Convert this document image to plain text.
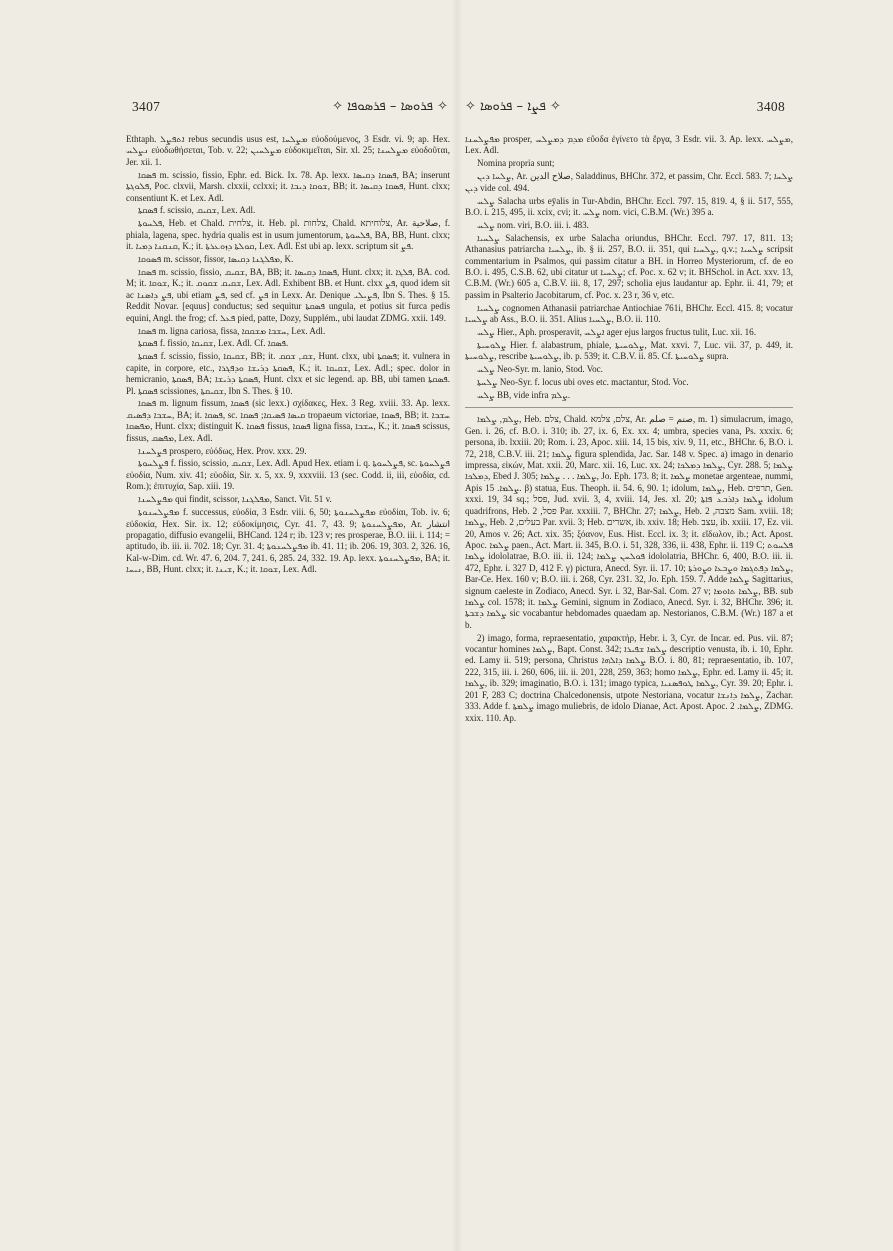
3407	✧ ܦܪܘܣܐ – ܦܪܣܘܦܐ ✧ ✧ ܦܨܐ – ܦܪܘܣܐ ✧	3408

Ethtaph. ܐܬܦܨܠ rebus secundis usus est, ܡܨܠܚܐ εὐοδούμενος, 3 Esdr. vi. 9; ap. Hex. ܢܨܠܚ εὐοδωθήσεται, Tob. v. 22; ܡܨܠܚܝܢ εὐδοκιμεῖται, Sir. xl. 25; ܡܨܠܚܢܐ εὐοδοῦται, Jer. xii. 1.

ܦܣܩܐ m. scissio, fissio, Ephr. ed. Bick. Ix. 78. Ap. lexx. ܦܣܩܐ ܕܩܝܣܐ, BA; inserunt ܦܠܘܓܬܐ, Poc. clxvii, Marsh. clxxii, cclxxi; it. ܫܘܩܐ ܕܝܒܐ, BB; it. ܦܣܩܐ ܕܩܝܣܐ, Hunt. clxx; consentiunt K. et Lex. Adl.

ܦܣܩܬܐ f. scissio, ܫܩܝܩ, Lex. Adl.

ܦܠܚܘܬܐ, Heb. et Chald. צלחית, it. Heb. pl. צלחות, Chald. צלוחיתא, Ar. صلاحية, f. phiala, lagena, spec. hydria qualis est in usum jumentorum, ܦܠܚܘܬܐ, BA, BB, Hunt. clxx; it. ܩܢܩܢܐ ܕܡܝܐ, K.; it. ܩܘܠܬܐ ܕܙܘܥܪܬܐ, Lex. Adl. Est ubi ap. lexx. scriptum sit ܦܨ.

ܦܣܘܩܐ m. scissor, fissor, ܡܦܠܓܢܐ ܕܩܝܣܐ, K.

ܦܣܩܐ m. scissio, fissio, ܫܩܝܩ, BA, BB; it. ܦܣܩܐ ܕܩܝܣܐ, Hunt. clxx; it. ܦܠܓܐ, BA. cod. M; it. ܫܘܩܐ, K.; it. ܫܩܝܩ ܫܩܘܩ, Lex. Adl. Exhibent BB. et Hunt. clxx ܦܨ, quod idem sit ac ܦܨ ܕܐܣܢܐ, ubi etiam ܦܨ, sed cf. ܦܨ in Lexx. Ar. Denique ܦܨܝܠܝ, Ibn S. Thes. § 15. Reddit Novar. [equus] conductus; sed sequitur ܦܣܩܬܐ ungula, et potius sit furca pedis equini, Angl. the frog; cf. ܦܥܠ pied, patte, Dozy, Supplém., ubi laudat ZDMG. xxii. 149.

ܦܣܩܐ m. ligna cariosa, fissa, ܚܫܒܐ ܡܫܩܩܐ, Lex. Adl.

ܦܣܩܬܐ f. fissio, ܫܩܝܩܐ, Lex. Adl. Cf. ܦܣܩܐ.

ܦܣܩܬܐ f. scissio, fissio, ܫܩܝܩܐ, BB; it. ܫܩ, ܫܩܩ, Hunt. clxx, ubi ܦܣܩܬܐ; it. vulnera in capite, in corpore, etc., ܦܣܩܬܐ ܕܪܝܫܐ ܘܕܦܓܪܐ, K.; it. ܫܩܝܩܐ, Lex. Adl.; spec. dolor in hemicranio, ܦܣܩܬܐ, BA; ܦܣܩܬܐ ܕܪܝܫܐ, Hunt. clxx et sic legend. ap. BB, ubi tamen ܦܣܩܬܐ. Pl. ܦܣܩܬܐ scissiones, ܫܩܝܩܬܐ, Ibn S. Thes. § 10.

ܦܣܩܐ m. lignum fissum, ܦܣܩܐ (sic lexx.) σχίδακες, Hex. 3 Reg. xviii. 33. Ap. lexx. ܚܫܒܐ ܕܦܣܝܩ, BA; it. ܦܣܩܐ, sc. ܩܝܣܐ ܦܣܝܩܐ; ܦܣܩܐ tropaeum victoriae, ܦܣܩܐ, BB; it. ܚܫܒܐ ܡܦܣܩܐ, Hunt. clxx; distinguit K. ܦܣܩܐ fissus, ܦܣܩܐ ligna fissa, ܚܫܒܐ, K.; it. ܦܣܩܐ scissus, fissus, ܡܦܣܩ, Lex. Adl.

ܦܨܠܚܢܐ prospero, εὐόδως, Hex. Prov. xxx. 29.

ܦܨܠܚܘܬܐ f. fissio, scissio, ܫܩܝܩ, Lex. Adl. Apud Hex. etiam i. q. ܦܨܠܚܘܬܐ, sc. ܦܨܠܚܘܬܐ εὐοδία, Num. xiv. 41; εὐοδία, Sir. x. 5, xx. 9, xxxviii. 13 (sec. Codd. ii, iii, εὐοδία, cd. Rom.); ἐπιτυχία, Sap. xiii. 19.

ܡܦܨܠܚܢܐ qui findit, scissor, ܡܦܠܓܢܐ, Sanct. Vit. 51 v.

ܡܦܨܠܚܢܘܬܐ f. successus, εὐοδία, 3 Esdr. viii. 6, 50; ܡܦܨܠܚܢܘܬܐ εὐοδίαι, Tob. iv. 6; εὐδοκία, Hex. Sir. ix. 12; εὐδοκίμησις, Cyr. 41. 7, 43. 9; ܡܦܨܠܚܢܘܬܐ, Ar. انتشار propagatio, diffusio evangelii, BHCand. 124 r; ib. 123 v; res prosperae, B.O. iii. i. 114; = aptitudo, ib. iii. ii. 702. 18; Cyr. 31. 4; ܡܦܨܠܚܢܘܬܐ ib. 41. 11; ib. 206. 19, 303. 2, 326. 16, Kal-w-Dim. cd. Wr. 47. 6, 204. 7, 241. 6, 285. 24, 332. 19. Ap. lexx. ܡܦܨܠܚܢܘܬܐ, BA; it. ܢܝܚܐ, BB, Hunt. clxx; it. ܫܝܢܐ, K.; it. ܫܘܩܐ, Lex. Adl.

ܡܦܨܠܚܢܐ prosper, ܡܕܡ ܕܡܨܠܚ εὔοδα ἐγίνετο τὰ ἔργα, 3 Esdr. vii. 3. Ap. lexx. ܡܨܠܚ, Lex. Adl.

Nomina propria sunt;

ܨܠܚܐ ܕܝܢ, Ar. صلاح الدين, Saladdinus, BHChr. 372, et passim, Chr. Eccl. 583. 7; ܨܠܚܐ ܕܝܢ vide col. 494.

ܨܠܚ Salacha urbs eȳalis in Tur-Abdin, BHChr. Eccl. 797. 15, 819. 4, § ii. 517, 555, B.O. i. 215, 495, ii. xcix, cvi; it. ܨܠܚ nom. vici, C.B.M. (Wr.) 395 a.

ܨܠܚ nom. viri, B.O. iii. i. 483.

ܨܠܚܝܐ Salachensis, ex urbe Salacha oriundus, BHChr. Eccl. 797. 17, 811. 13; Athanasius patriarcha ܨܠܚܝܐ, ib. § ii. 257, B.O. ii. 351, qui ܨܠܚܝܐ, q.v.; ܨܠܚܝܐ scripsit commentarium in Psalmos, qui passim citatur a BH. in Horreo Mysteriorum, cf. de eo B.O. i. 495, C.S.B. 62, ubi citatur ut ܨܠܚܝܐ; cf. Poc. x. 62 v; it. BHSchol. in Act. xxv. 13, C.B.M. (Wr.) 605 a, C.B.V. iii. 8, 17, 297; scholia ejus laudantur ap. Ephr. ii. 41, 79; et passim in Psalterio Jacobitarum, cf. Poc. x. 23 r, 36 v, etc.

ܨܠܚܝܐ cognomen Athanasii patriarchae Antiochiae 761i, BHChr. Eccl. 415. 8; vocatur ܨܠܚܝܐ ab Ass., B.O. ii. 351. Alius ܨܠܚܝܐ, B.O. ii. 110.

ܨܠܚ Hier., Aph. prosperavit, ܐܨܠܚ ager ejus largos fructus tulit, Luc. xii. 16.

ܨܠܘܚܝܬܐ Hier. f. alabastrum, phiale, ܨܠܘܚܝܬܐ, Mat. xxvi. 7, Luc. vii. 37, p. 449, it. ܨܠܘܚܝܬܐ, rescribe ܨܠܘܚܝܬܐ, ib. p. 539; it. C.B.V. ii. 85. Cf. ܨܠܘܚܝܬܐ supra.

ܨܠܚ Neo-Syr. m. lanio, Stod. Voc.

ܨܠܚܬܐ Neo-Syr. f. locus ubi oves etc. mactantur, Stod. Voc.

ܨܠܚ BB, vide infra ܨܠܡ.

ܨܠܡ, ܨܠܡܐ, Heb. צלם, Chald. צלם, צלמא, Ar. صنم = صلم, m. 1) simulacrum, imago, Gen. i. 26, cf. B.O. i. 310; ib. 27, ix. 6, Ex. xx. 4; umbra, species vana, Ps. xxxix. 6; persona, ib. lxxiii. 20; Rom. i. 23, Apoc. xiii. 14, 15 bis, xiv. 9, 11, etc., BHChr. 6, B.O. i. 72, 218, C.B.V. iii. 21; ܨܠܡܐ figura splendida, Jac. Sar. 148 v. Spec. a) imago in denario impressa, εἰκών, Mat. xxii. 20, Marc. xii. 16, Luc. xx. 24; ܨܠܡܐ ܕܡܠܟܐ, Cyr. 288. 5; ܨܠܡܐ ܕܡܠܟܐ, Ebed J. 305; ܨܠܡܐ . . . ܨܠܡܐ, Jo. Eph. 173. 8; it. ܨܠܡܐ monetae argenteae, nummi, Apis ܨܠܡܐ. 15. β) statua, Eus. Theoph. ii. 54. 6, 90. 1; idolum, ܨܠܡܐ, Heb. תרפים, Gen. xxxi. 19, 34 sq.; פסל, Jud. xvii. 3, 4, xviii. 14, Jes. xl. 20; ܨܠܡܐ ܕܐܪܒܥ ܦܐܬܐ idolum quadrifrons, Heb. פסל, 2 Par. xxxiii. 7, BHChr. 27; ܨܠܡܐ, Heb. מצבה, 2 Sam. xviii. 18; ܨܠܡܐ, Heb. בעלים, 2 Par. xvii. 3; Heb. אשרים, ib. xxiv. 18; Heb. עצב, ib. xxiii. 17, Ez. vii. 20, Amos v. 26; Act. xix. 35; ξόανον, Eus. Hist. Eccl. ix. 3; it. εἴδωλον, ib.; Act. Apost. Apoc. ܨܠܡܐ paen., Act. Mart. ii. 345, B.O. i. 51, 328, 336, ii. 438, Ephr. ii. 119 C; ܦܠܚܘܬ ܨܠܡܐ idololatrae, B.O. iii. ii. 124; ܦܘܠܚܢ ܨܠܡܐ idololatria, BHChr. 6, 400, B.O. iii. ii. 472, Ephr. i. 327 D, 412 F. γ) pictura, Anecd. Syr. ii. 17. 10; ܨܠܡܐ ܕܦܬܓܡܐ ܘܨܒܥܐ ܘܨܘܪܬܐ, Bar-Ce. Hex. 160 v; B.O. iii. i. 268, Cyr. 231. 32, Jo. Eph. 159. 7. Adde ܨܠܡܐ Sagittarius, signum caeleste in Zodiaco, Anecd. Syr. i. 32, Bar-Sal. Com. 27 v; ܨܠܡܐ ܬܐܘܡܐ, BB. sub ܨܠܡܐ col. 1578; it. ܨܠܡܐ Gemini, signum in Zodiaco, Anecd. Syr. i. 32, BHChr. 396; it. ܨܠܡܐ ܕܫܒܬܐ sic vocabantur hebdomades quaedam ap. Nestorianos, C.B.M. (Wr.) 187 a et b.

2) imago, forma, repraesentatio, χαρακτήρ, Hebr. i. 3, Cyr. de Incar. ed. Pus. vii. 87; vocantur homines ܨܠܡܐ, Bapt. Const. 342; ܨܠܡܐ ܫܦܝܪܐ descriptio venusta, ib. i. 10, Ephr. ed. Lamy ii. 519; persona, Christus ܨܠܡܐ ܕܐܠܗܐ B.O. i. 80, 81; repraesentatio, ib. 107, 222, 315, iii. i. 260, 606, iii. ii. 201, 228, 259, 363; homo ܨܠܡܐ, Ephr. ed. Lamy ii. 45; it. ܨܠܡܐ, ib. 329; imaginatio, B.O. i. 131; imago typica, ܨܠܡܐ ܛܘܦܣܢܝܐ, Cyr. 39. 20; Ephr. i. 201 F, 283 C; doctrina Chalcedonensis, utpote Nestoriana, vocatur ܨܠܡܐ ܕܐܢܫܐ, Zachar. 333. Adde f. ܨܠܡܬܐ imago muliebris, de idolo Dianae, Act. Apost. Apoc. ܨܠܡܐ. 2, ZDMG. xxix. 110. Ap.
